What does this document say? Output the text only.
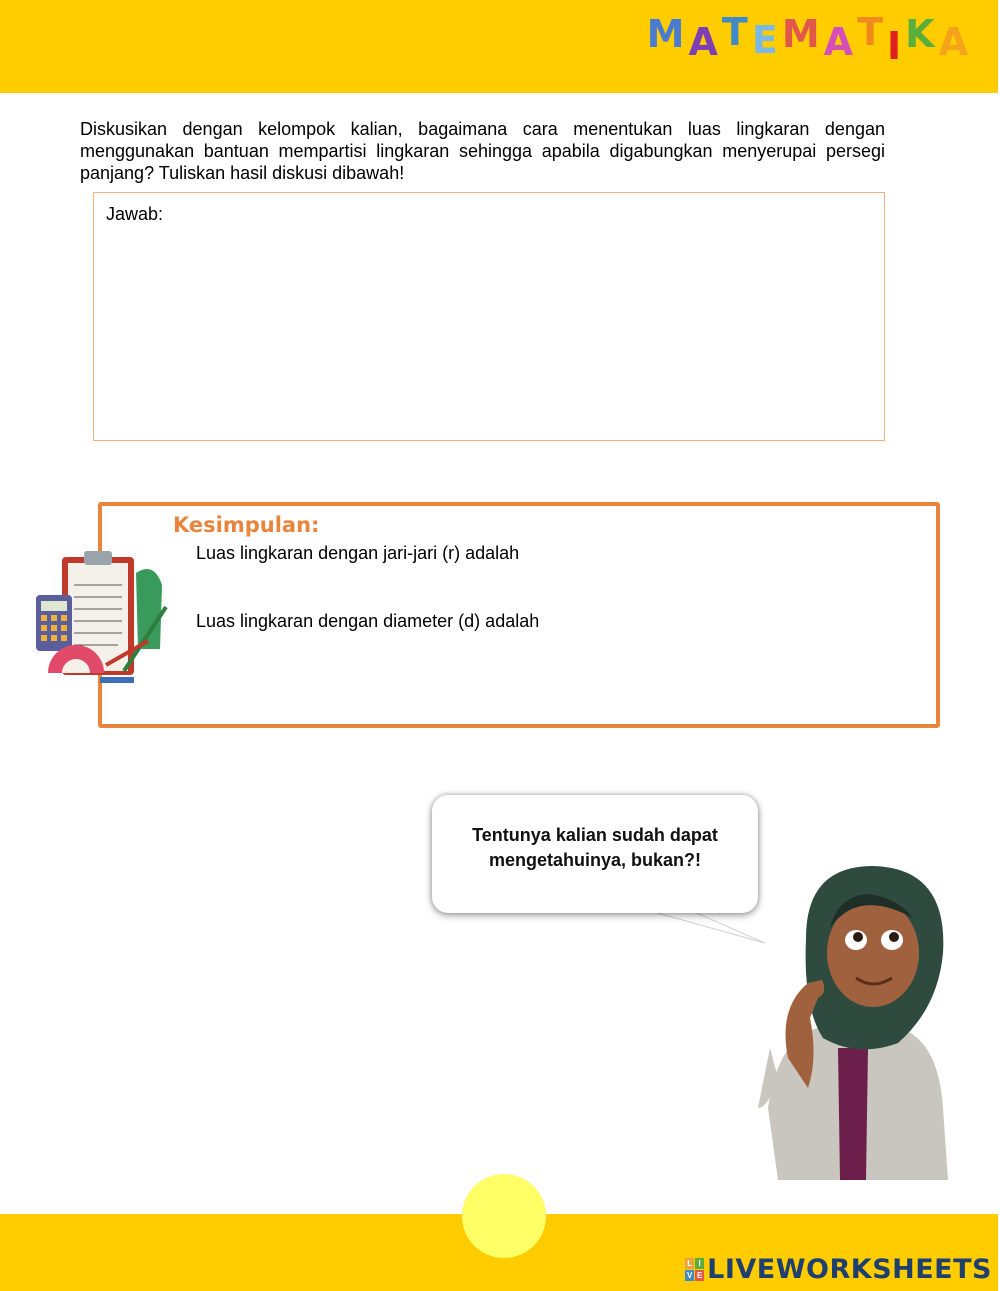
M A T E M A T I K A
Diskusikan dengan kelompok kalian, bagaimana cara menentukan luas lingkaran dengan menggunakan bantuan mempartisi lingkaran sehingga apabila digabungkan menyerupai persegi panjang? Tuliskan hasil diskusi dibawah!
Jawab:
Kesimpulan:
Luas lingkaran dengan jari-jari (r) adalah
Luas lingkaran dengan diameter (d) adalah
Tentunya kalian sudah dapat
mengetahuinya, bukan?!
L I
V E LIVEWORKSHEETS
